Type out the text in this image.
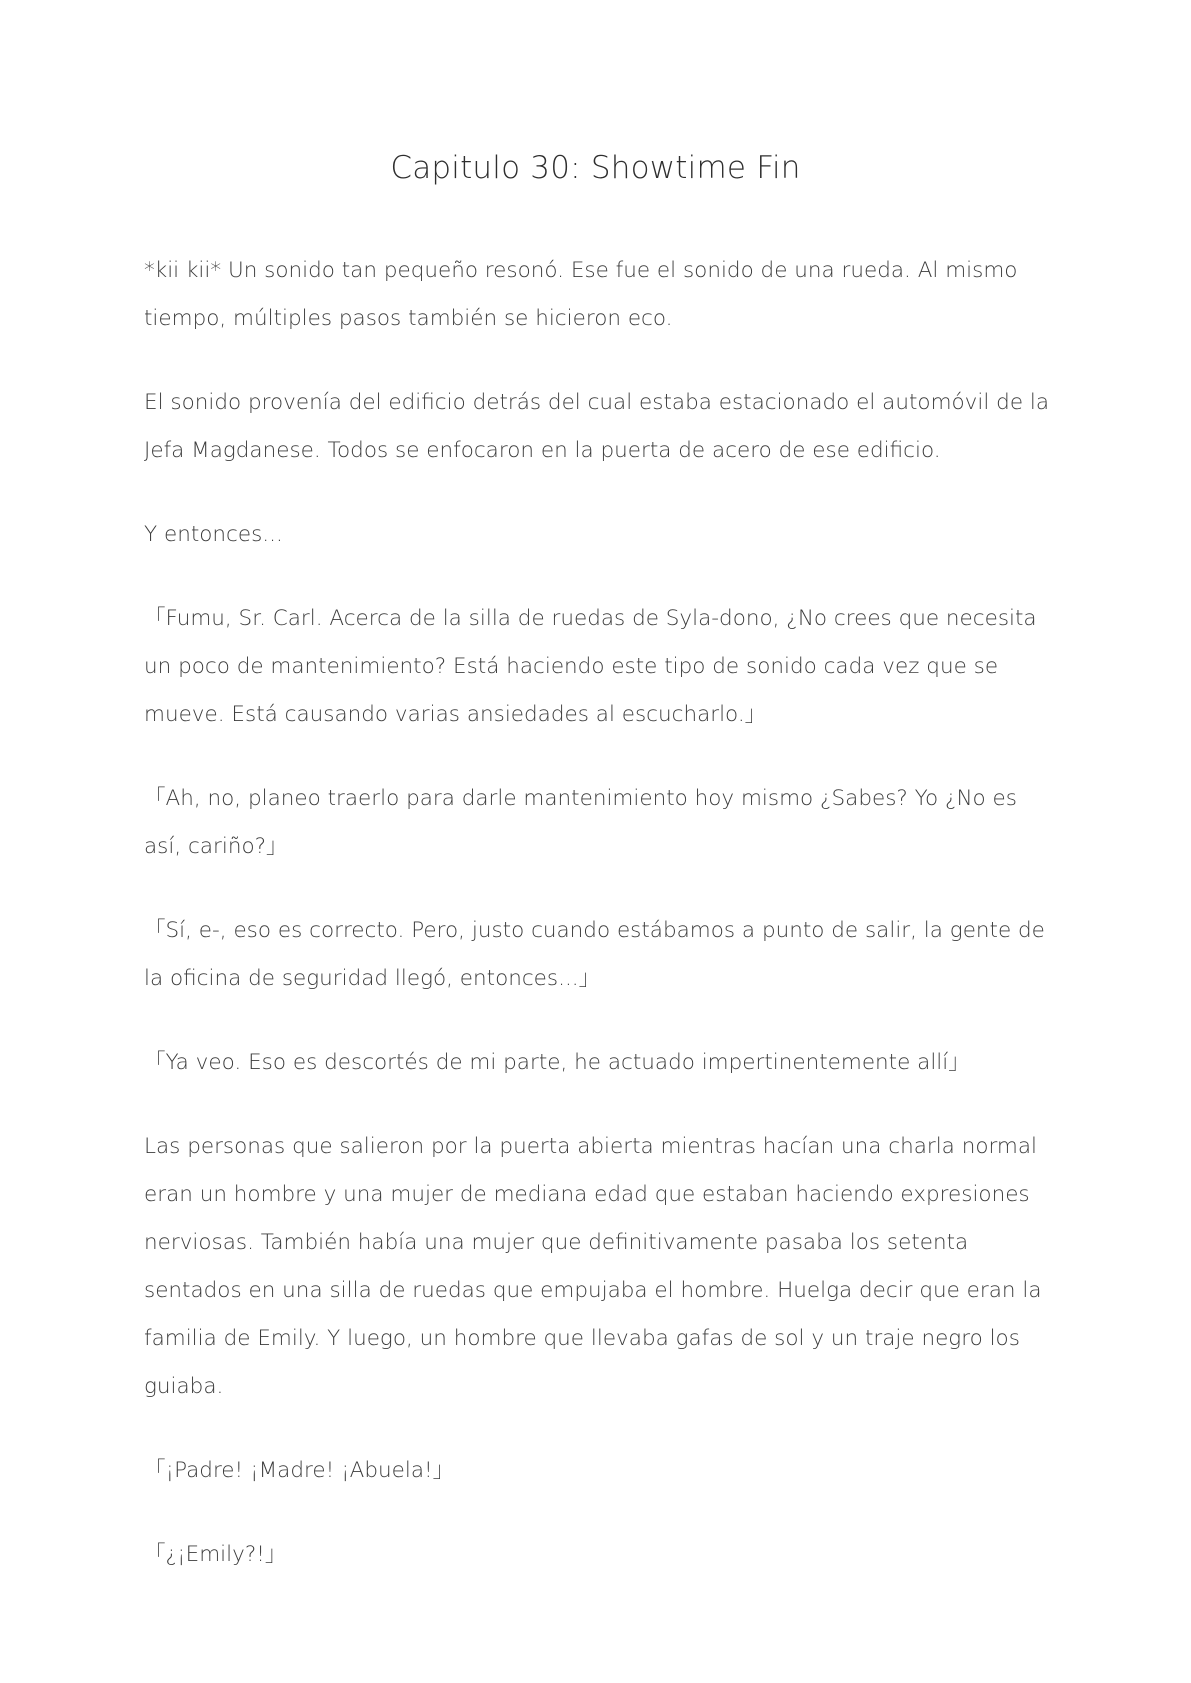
Capitulo 30: Showtime Fin

*kii kii* Un sonido tan pequeño resonó. Ese fue el sonido de una rueda. Al mismo tiempo, múltiples pasos también se hicieron eco.

El sonido provenía del edificio detrás del cual estaba estacionado el automóvil de la Jefa Magdanese. Todos se enfocaron en la puerta de acero de ese edificio.

Y entonces...

「Fumu, Sr. Carl. Acerca de la silla de ruedas de Syla-dono, ¿No crees que necesita un poco de mantenimiento? Está haciendo este tipo de sonido cada vez que se mueve. Está causando varias ansiedades al escucharlo.」

「Ah, no, planeo traerlo para darle mantenimiento hoy mismo ¿Sabes? Yo ¿No es así, cariño?」

「Sí, e-, eso es correcto. Pero, justo cuando estábamos a punto de salir, la gente de la oficina de seguridad llegó, entonces...」

「Ya veo. Eso es descortés de mi parte, he actuado impertinentemente allí」

Las personas que salieron por la puerta abierta mientras hacían una charla normal eran un hombre y una mujer de mediana edad que estaban haciendo expresiones nerviosas. También había una mujer que definitivamente pasaba los setenta sentados en una silla de ruedas que empujaba el hombre. Huelga decir que eran la familia de Emily. Y luego, un hombre que llevaba gafas de sol y un traje negro los guiaba.

「¡Padre! ¡Madre! ¡Abuela!」

「¿¡Emily?!」
